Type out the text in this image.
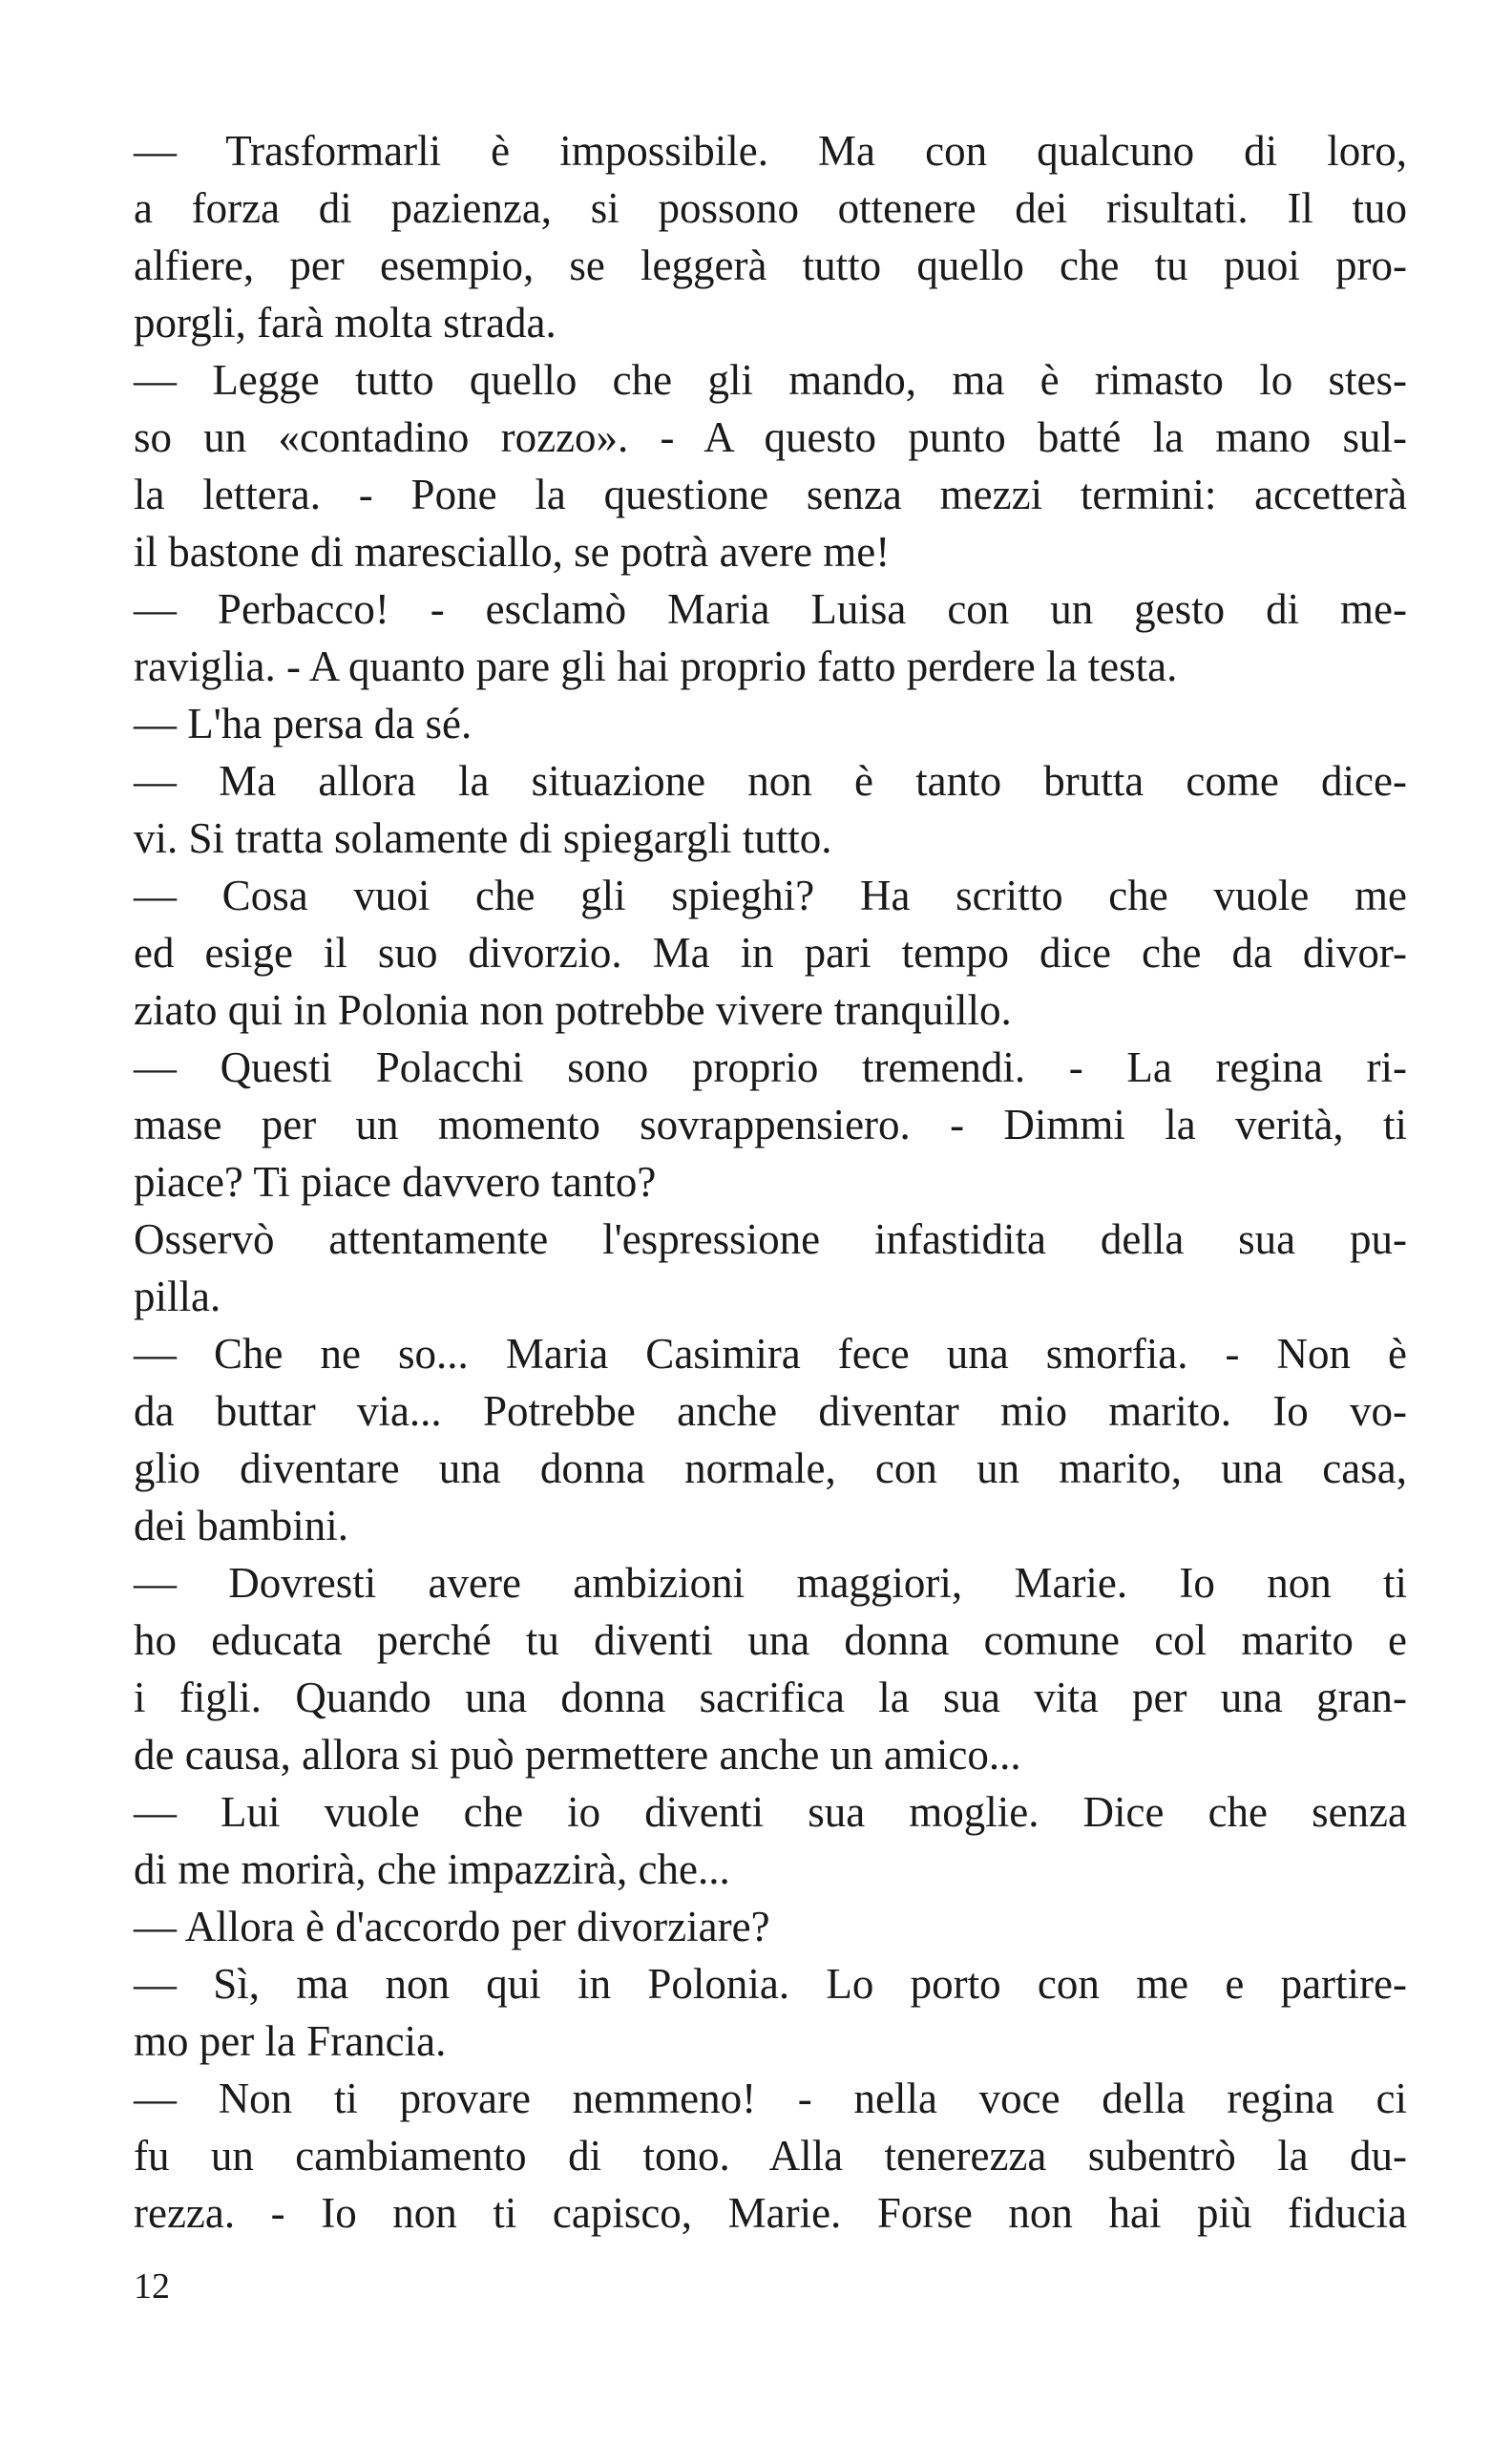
— Trasformarli è impossibile. Ma con qualcuno di loro,
a forza di pazienza, si possono ottenere dei risultati. Il tuo
alfiere, per esempio, se leggerà tutto quello che tu puoi pro-
porgli, farà molta strada.
— Legge tutto quello che gli mando, ma è rimasto lo stes-
so un «contadino rozzo». - A questo punto batté la mano sul-
la lettera. - Pone la questione senza mezzi termini: accetterà
il bastone di maresciallo, se potrà avere me!
— Perbacco! - esclamò Maria Luisa con un gesto di me-
raviglia. - A quanto pare gli hai proprio fatto perdere la testa.
— L'ha persa da sé.
— Ma allora la situazione non è tanto brutta come dice-
vi. Si tratta solamente di spiegargli tutto.
— Cosa vuoi che gli spieghi? Ha scritto che vuole me
ed esige il suo divorzio. Ma in pari tempo dice che da divor-
ziato qui in Polonia non potrebbe vivere tranquillo.
— Questi Polacchi sono proprio tremendi. - La regina ri-
mase per un momento sovrappensiero. - Dimmi la verità, ti
piace? Ti piace davvero tanto?
Osservò attentamente l'espressione infastidita della sua pu-
pilla.
— Che ne so... Maria Casimira fece una smorfia. - Non è
da buttar via... Potrebbe anche diventar mio marito. Io vo-
glio diventare una donna normale, con un marito, una casa,
dei bambini.
— Dovresti avere ambizioni maggiori, Marie. Io non ti
ho educata perché tu diventi una donna comune col marito e
i figli. Quando una donna sacrifica la sua vita per una gran-
de causa, allora si può permettere anche un amico...
— Lui vuole che io diventi sua moglie. Dice che senza
di me morirà, che impazzirà, che...
— Allora è d'accordo per divorziare?
— Sì, ma non qui in Polonia. Lo porto con me e partire-
mo per la Francia.
— Non ti provare nemmeno! - nella voce della regina ci
fu un cambiamento di tono. Alla tenerezza subentrò la du-
rezza. - Io non ti capisco, Marie. Forse non hai più fiducia
12
